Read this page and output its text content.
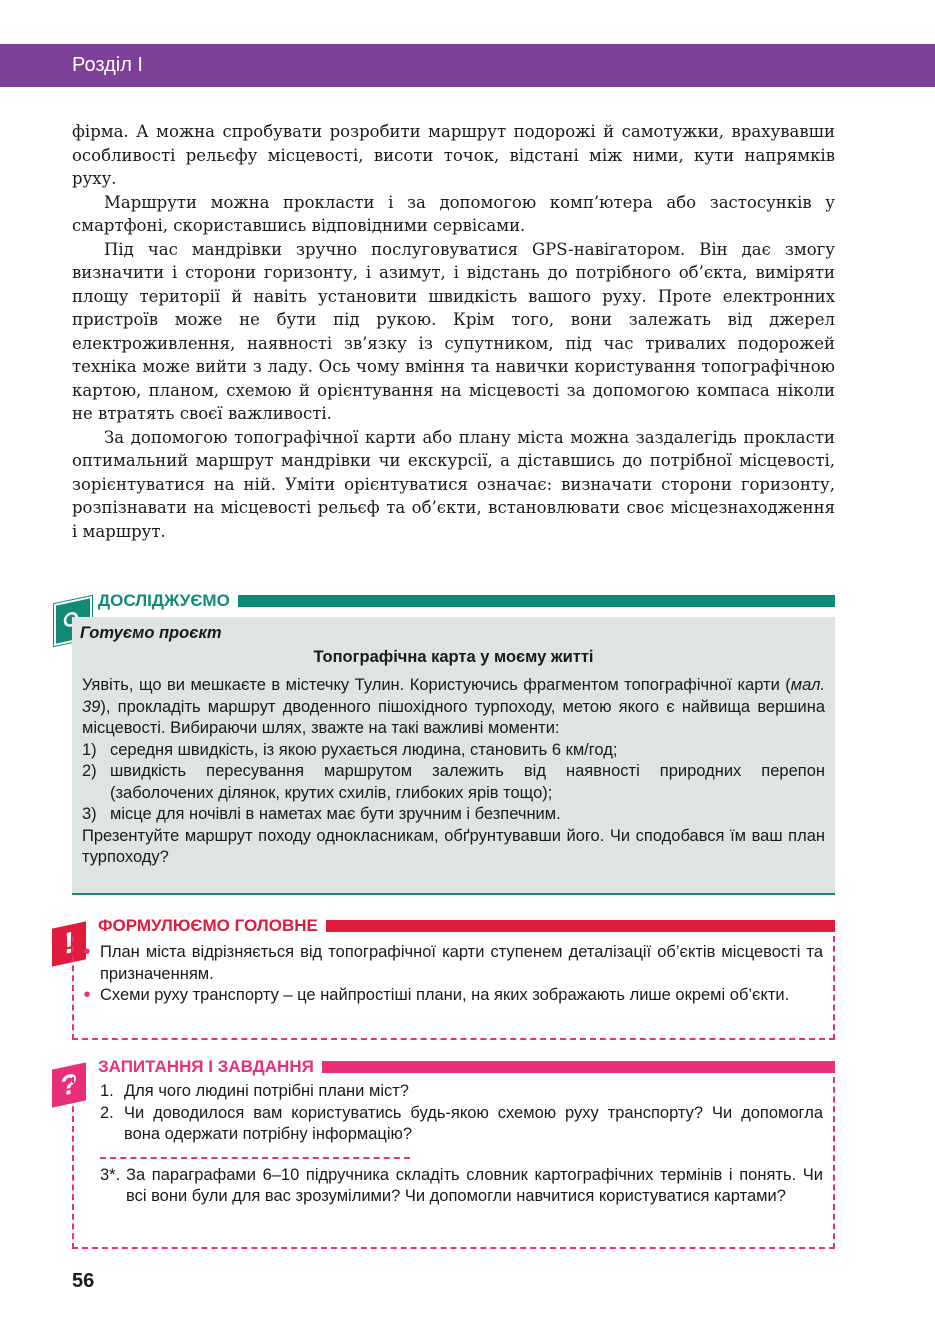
Розділ І

фірма. А можна спробувати розробити маршрут подорожі й самотужки, врахувавши особливості рельєфу місцевості, висоти точок, відстані між ними, кути напрямків руху.

Маршрути можна прокласти і за допомогою комп’ютера або застосунків у смартфоні, скориставшись відповідними сервісами.

Під час мандрівки зручно послуговуватися GPS-навігатором. Він дає змогу визначити і сторони горизонту, і азимут, і відстань до потрібного об’єкта, виміряти площу території й навіть установити швидкість вашого руху. Проте електронних пристроїв може не бути під рукою. Крім того, вони залежать від джерел електроживлення, наявності зв’язку із супутником, під час тривалих подорожей техніка може вийти з ладу. Ось чому вміння та навички користування топографічною картою, планом, схемою й орієнтування на місцевості за допомогою компаса ніколи не втратять своєї важливості.

За допомогою топографічної карти або плану міста можна заздалегідь прокласти оптимальний маршрут мандрівки чи екскурсії, а діставшись до потрібної місцевості, зорієнтуватися на ній. Уміти орієнтуватися означає: визначати сторони горизонту, розпізнавати на місцевості рельєф та об’єкти, встановлювати своє місцезнаходження і маршрут.

ДОСЛІДЖУЄМО
Готуємо проєкт
Топографічна карта у моєму житті
Уявіть, що ви мешкаєте в містечку Тулин. Користуючись фрагментом топографічної карти (мал. 39), прокладіть маршрут дводенного пішохідного турпоходу, метою якого є найвища вершина місцевості. Вибираючи шлях, зважте на такі важливі моменти:
1) середня швидкість, із якою рухається людина, становить 6 км/год;
2) швидкість пересування маршрутом залежить від наявності природних перепон (заболочених ділянок, крутих схилів, глибоких ярів тощо);
3) місце для ночівлі в наметах має бути зручним і безпечним.
Презентуйте маршрут походу однокласникам, обґрунтувавши його. Чи сподобався їм ваш план турпоходу?
!
ФОРМУЛЮЄМО ГОЛОВНЕ
• План міста відрізняється від топографічної карти ступенем деталізації об’єктів місцевості та призначенням.
• Схеми руху транспорту – це найпростіші плани, на яких зображають лише окремі об’єкти.
?
ЗАПИТАННЯ І ЗАВДАННЯ
1. Для чого людині потрібні плани міст?
2. Чи доводилося вам користуватись будь-якою схемою руху транспорту? Чи допомогла вона одержати потрібну інформацію?
3*. За параграфами 6–10 підручника складіть словник картографічних термінів і понять. Чи всі вони були для вас зрозумілими? Чи допомогли навчитися користуватися картами?
56
